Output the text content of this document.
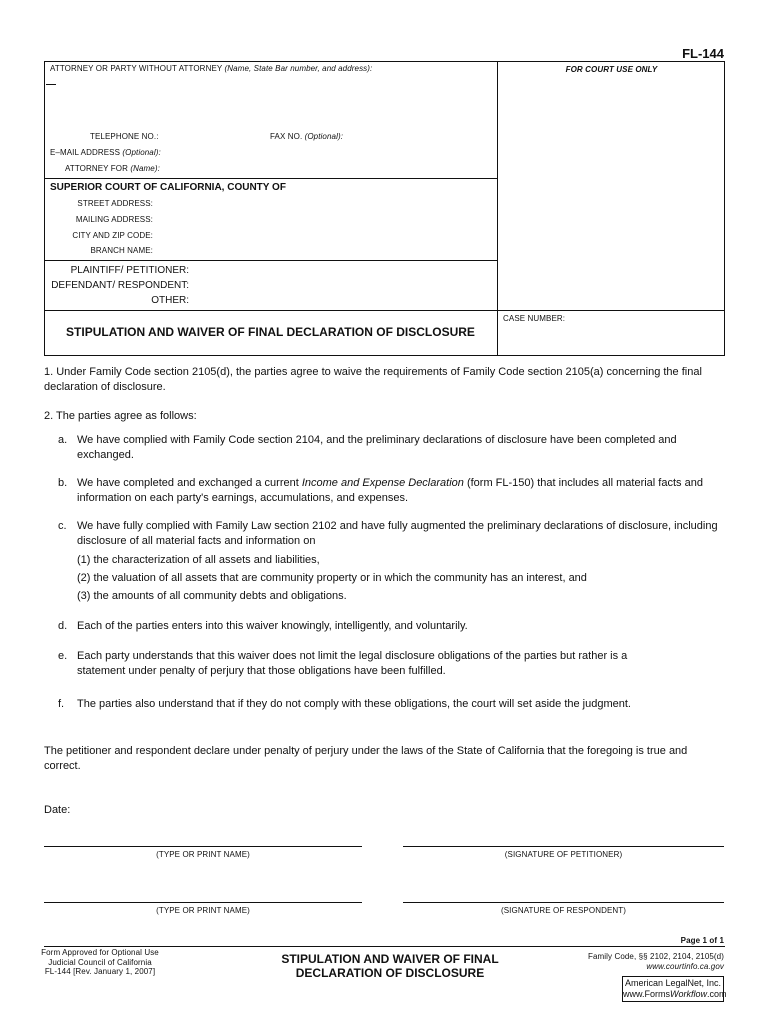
FL-144
ATTORNEY OR PARTY WITHOUT ATTORNEY (Name, State Bar number, and address):	FOR COURT USE ONLY
TELEPHONE NO.:	FAX NO. (Optional):
E–MAIL ADDRESS (Optional):
ATTORNEY FOR (Name):
SUPERIOR COURT OF CALIFORNIA, COUNTY OF
STREET ADDRESS:
MAILING ADDRESS:
CITY AND ZIP CODE:
BRANCH NAME:
PLAINTIFF/ PETITIONER:
DEFENDANT/ RESPONDENT:
OTHER:
STIPULATION AND WAIVER OF FINAL DECLARATION OF DISCLOSURE
CASE NUMBER:
1. Under Family Code section 2105(d), the parties agree to waive the requirements of Family Code section 2105(a) concerning the final declaration of disclosure.
2. The parties agree as follows:
a. We have complied with Family Code section 2104, and the preliminary declarations of disclosure have been completed and exchanged.
b. We have completed and exchanged a current Income and Expense Declaration (form FL-150) that includes all material facts and information on each party's earnings, accumulations, and expenses.
c. We have fully complied with Family Law section 2102 and have fully augmented the preliminary declarations of disclosure, including disclosure of all material facts and information on
(1) the characterization of all assets and liabilities,
(2) the valuation of all assets that are community property or in which the community has an interest, and
(3) the amounts of all community debts and obligations.
d. Each of the parties enters into this waiver knowingly, intelligently, and voluntarily.
e. Each party understands that this waiver does not limit the legal disclosure obligations of the parties but rather is a statement under penalty of perjury that those obligations have been fulfilled.
f.	The parties also understand that if they do not comply with these obligations, the court will set aside the judgment.
The petitioner and respondent declare under penalty of perjury under the laws of the State of California that the foregoing is true and correct.
Date:
(TYPE OR PRINT NAME)	(SIGNATURE OF PETITIONER)
(TYPE OR PRINT NAME)	(SIGNATURE OF RESPONDENT)
Page 1 of 1
Form Approved for Optional Use
Judicial Council of California
FL-144 [Rev. January 1, 2007]
STIPULATION AND WAIVER OF FINAL
DECLARATION OF DISCLOSURE
Family Code, §§ 2102, 2104, 2105(d)
www.courtinfo.ca.gov
American LegalNet, Inc.
www.FormsWorkflow.com
